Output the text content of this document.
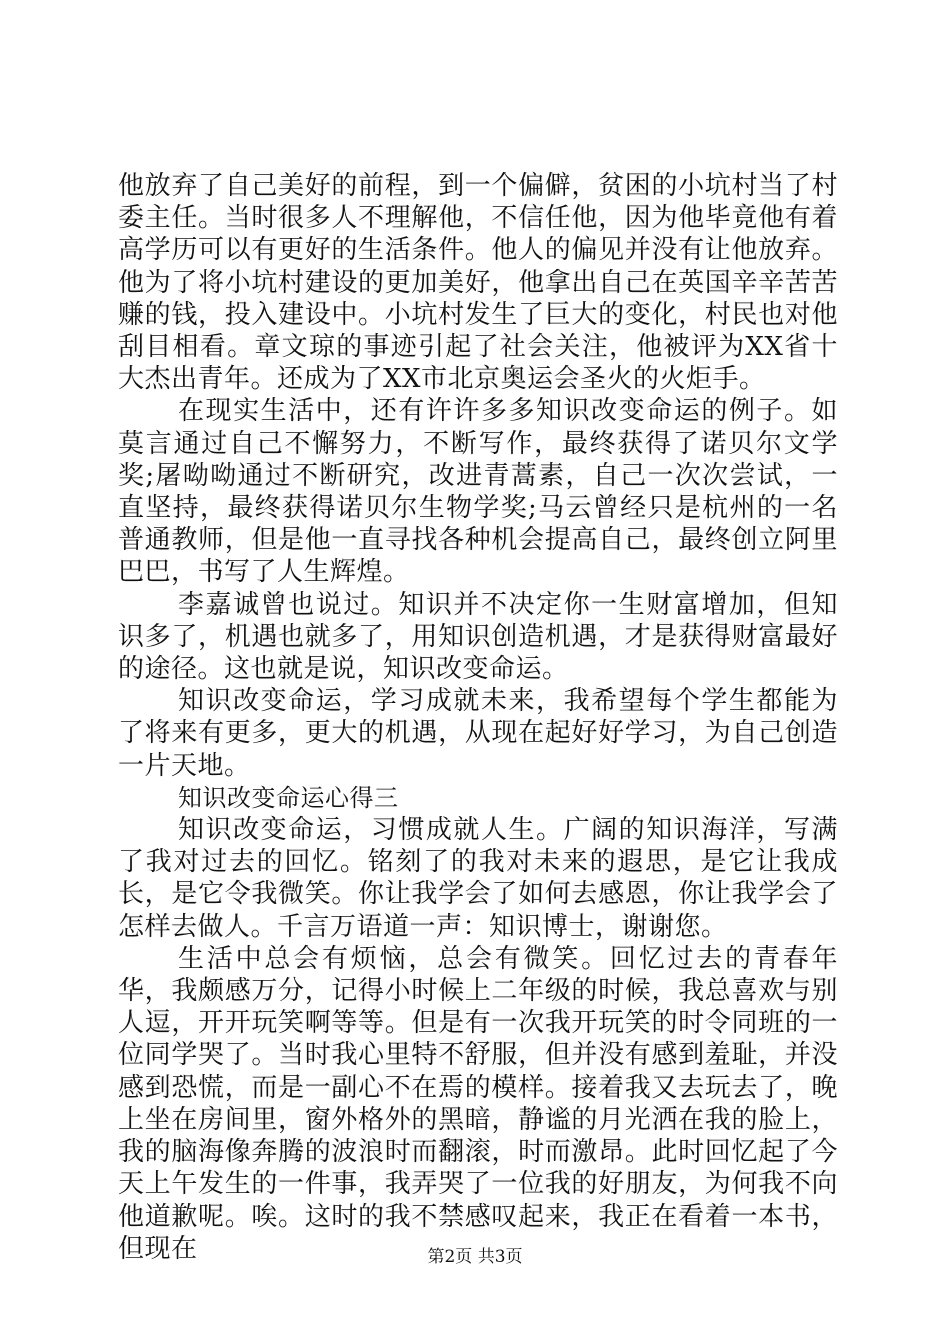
他放弃了自己美好的前程，到一个偏僻，贫困的小坑村当了村委主任。当时很多人不理解他，不信任他，因为他毕竟他有着高学历可以有更好的生活条件。他人的偏见并没有让他放弃。他为了将小坑村建设的更加美好，他拿出自己在英国辛辛苦苦赚的钱，投入建设中。小坑村发生了巨大的变化，村民也对他刮目相看。章文琼的事迹引起了社会关注，他被评为XX省十大杰出青年。还成为了XX市北京奥运会圣火的火炬手。

在现实生活中，还有许许多多知识改变命运的例子。如莫言通过自己不懈努力，不断写作，最终获得了诺贝尔文学奖;屠呦呦通过不断研究，改进青蒿素，自己一次次尝试，一直坚持，最终获得诺贝尔生物学奖;马云曾经只是杭州的一名普通教师，但是他一直寻找各种机会提高自己，最终创立阿里巴巴，书写了人生辉煌。

李嘉诚曾也说过。知识并不决定你一生财富增加，但知识多了，机遇也就多了，用知识创造机遇，才是获得财富最好的途径。这也就是说，知识改变命运。

知识改变命运，学习成就未来，我希望每个学生都能为了将来有更多，更大的机遇，从现在起好好学习，为自己创造一片天地。

知识改变命运心得三

知识改变命运，习惯成就人生。广阔的知识海洋，写满了我对过去的回忆。铭刻了的我对未来的遐思，是它让我成长，是它令我微笑。你让我学会了如何去感恩，你让我学会了怎样去做人。千言万语道一声：知识博士，谢谢您。

生活中总会有烦恼，总会有微笑。回忆过去的青春年华，我颇感万分，记得小时候上二年级的时候，我总喜欢与别人逗，开开玩笑啊等等。但是有一次我开玩笑的时令同班的一位同学哭了。当时我心里特不舒服，但并没有感到羞耻，并没感到恐慌，而是一副心不在焉的模样。接着我又去玩去了，晚上坐在房间里，窗外格外的黑暗，静谧的月光洒在我的脸上，我的脑海像奔腾的波浪时而翻滚，时而激昂。此时回忆起了今天上午发生的一件事，我弄哭了一位我的好朋友，为何我不向他道歉呢。唉。这时的我不禁感叹起来，我正在看着一本书，但现在	第2页 共3页
